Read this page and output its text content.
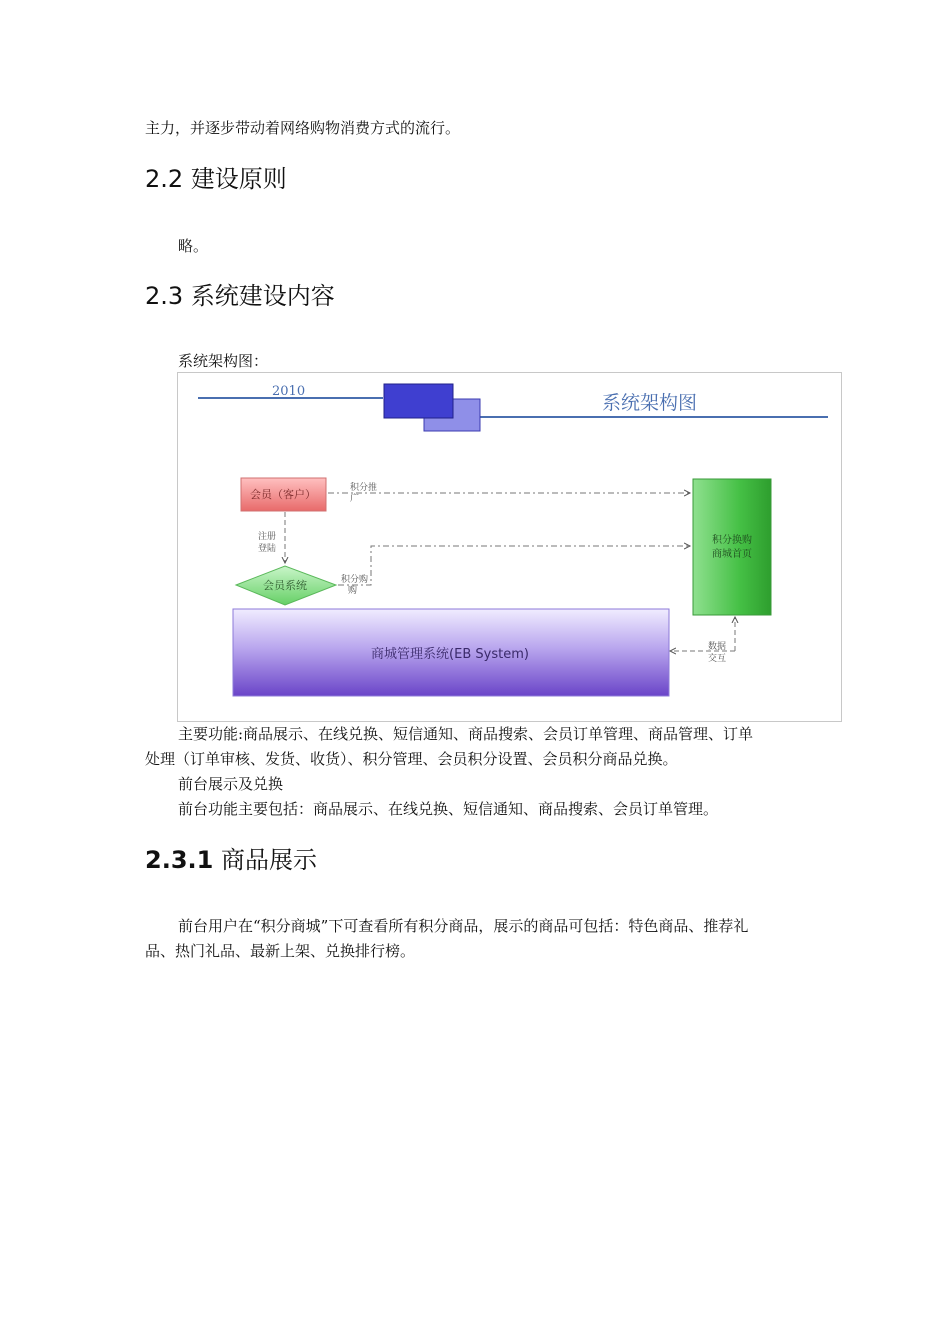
主力，并逐步带动着网络购物消费方式的流行。

2.2 建设原则

略。

2.3 系统建设内容

系统架构图：

2010
系统架构图
会员（客户）	积分推
广
注册
登陆
会员系统	积分购
购
积分换购
商城首页
商城管理系统(EB System)	数据
交互

主要功能:商品展示、在线兑换、短信通知、商品搜索、会员订单管理、商品管理、订单

处理（订单审核、发货、收货）、积分管理、会员积分设置、会员积分商品兑换。

前台展示及兑换

前台功能主要包括：商品展示、在线兑换、短信通知、商品搜索、会员订单管理。

2.3.1 商品展示

前台用户在“积分商城”下可查看所有积分商品，展示的商品可包括：特色商品、推荐礼

品、热门礼品、最新上架、兑换排行榜。
